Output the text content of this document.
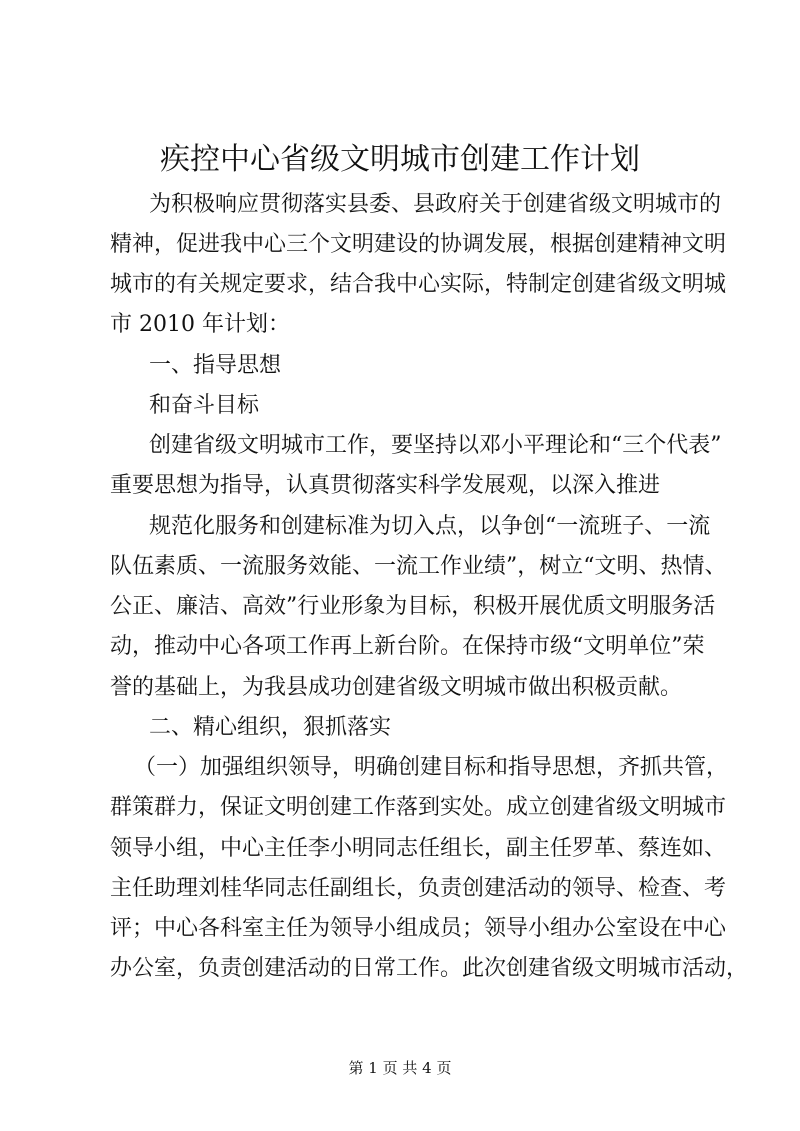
疾控中心省级文明城市创建工作计划
为积极响应贯彻落实县委、县政府关于创建省级文明城市的
精神，促进我中心三个文明建设的协调发展，根据创建精神文明
城市的有关规定要求，结合我中心实际，特制定创建省级文明城
市 2010 年计划：
一、指导思想
和奋斗目标
创建省级文明城市工作，要坚持以邓小平理论和“三个代表”
重要思想为指导，认真贯彻落实科学发展观，以深入推进
规范化服务和创建标准为切入点，以争创“一流班子、一流
队伍素质、一流服务效能、一流工作业绩”，树立“文明、热情、
公正、廉洁、高效”行业形象为目标，积极开展优质文明服务活
动，推动中心各项工作再上新台阶。在保持市级“文明单位”荣
誉的基础上，为我县成功创建省级文明城市做出积极贡献。
二、精心组织，狠抓落实
（一）加强组织领导，明确创建目标和指导思想，齐抓共管，
群策群力，保证文明创建工作落到实处。成立创建省级文明城市
领导小组，中心主任李小明同志任组长，副主任罗革、蔡连如、
主任助理刘桂华同志任副组长，负责创建活动的领导、检查、考
评；中心各科室主任为领导小组成员；领导小组办公室设在中心
办公室，负责创建活动的日常工作。此次创建省级文明城市活动，
第 1 页 共 4 页
